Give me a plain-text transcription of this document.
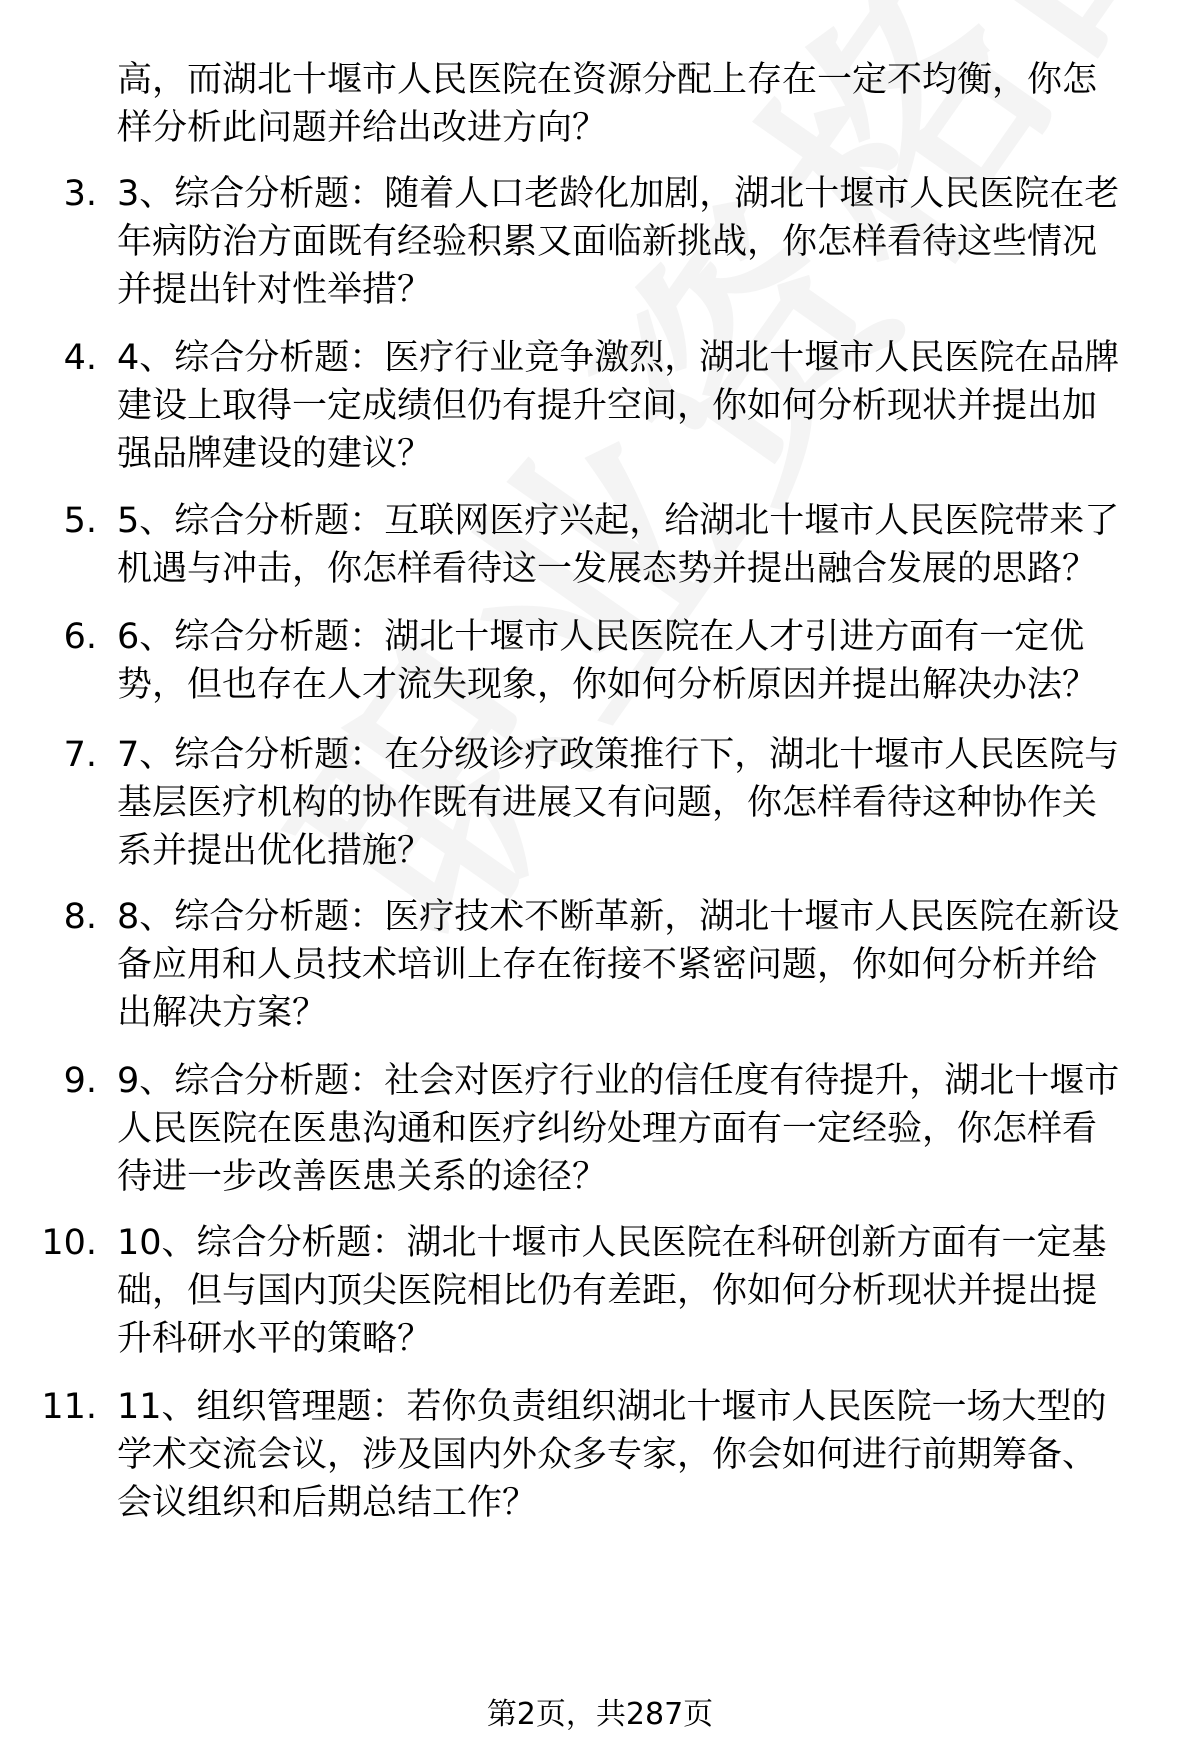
高，而湖北十堰市人民医院在资源分配上存在一定不均衡，你怎
样分析此问题并给出改进方向？
3. 3、综合分析题：随着人口老龄化加剧，湖北十堰市人民医院在老
年病防治方面既有经验积累又面临新挑战，你怎样看待这些情况
并提出针对性举措？
4. 4、综合分析题：医疗行业竞争激烈，湖北十堰市人民医院在品牌
建设上取得一定成绩但仍有提升空间，你如何分析现状并提出加
强品牌建设的建议？
5. 5、综合分析题：互联网医疗兴起，给湖北十堰市人民医院带来了
机遇与冲击，你怎样看待这一发展态势并提出融合发展的思路？
6. 6、综合分析题：湖北十堰市人民医院在人才引进方面有一定优
势，但也存在人才流失现象，你如何分析原因并提出解决办法？
7. 7、综合分析题：在分级诊疗政策推行下，湖北十堰市人民医院与
基层医疗机构的协作既有进展又有问题，你怎样看待这种协作关
系并提出优化措施？
8. 8、综合分析题：医疗技术不断革新，湖北十堰市人民医院在新设
备应用和人员技术培训上存在衔接不紧密问题，你如何分析并给
出解决方案？
9. 9、综合分析题：社会对医疗行业的信任度有待提升，湖北十堰市
人民医院在医患沟通和医疗纠纷处理方面有一定经验，你怎样看
待进一步改善医患关系的途径？
10. 10、综合分析题：湖北十堰市人民医院在科研创新方面有一定基
础，但与国内顶尖医院相比仍有差距，你如何分析现状并提出提
升科研水平的策略？
11. 11、组织管理题：若你负责组织湖北十堰市人民医院一场大型的
学术交流会议，涉及国内外众多专家，你会如何进行前期筹备、
会议组织和后期总结工作？
第2页，共287页
